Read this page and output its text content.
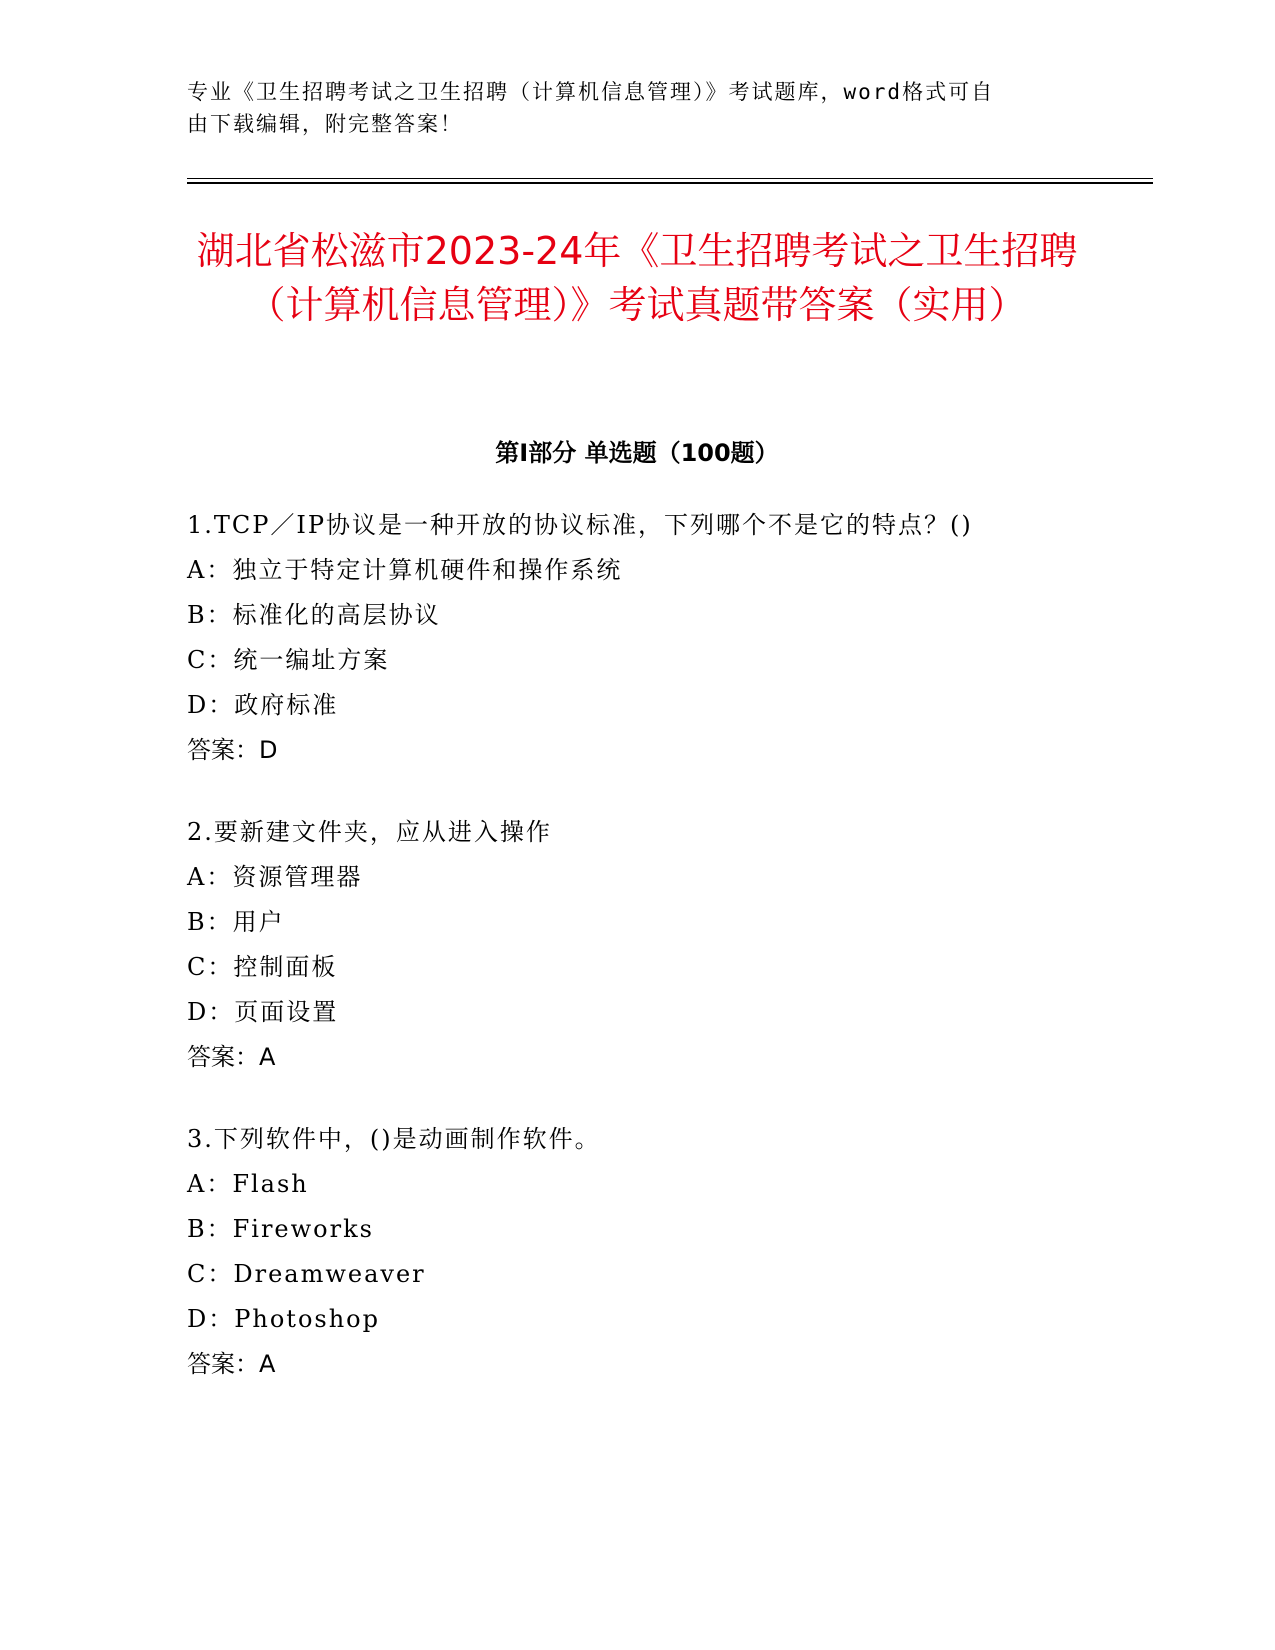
专业《卫生招聘考试之卫生招聘（计算机信息管理）》考试题库，word格式可自
由下载编辑，附完整答案！

湖北省松滋市2023-24年《卫生招聘考试之卫生招聘（计算机信息管理）》考试真题带答案（实用）
第Ⅰ部分 单选题（100题）
1.TCP／IP协议是一种开放的协议标准，下列哪个不是它的特点？()
A：独立于特定计算机硬件和操作系统
B：标准化的高层协议
C：统一编址方案
D：政府标准
答案：D
2.要新建文件夹，应从进入操作
A：资源管理器
B：用户
C：控制面板
D：页面设置
答案：A
3.下列软件中，()是动画制作软件。
A：Flash
B：Fireworks
C：Dreamweaver
D：Photoshop
答案：A
